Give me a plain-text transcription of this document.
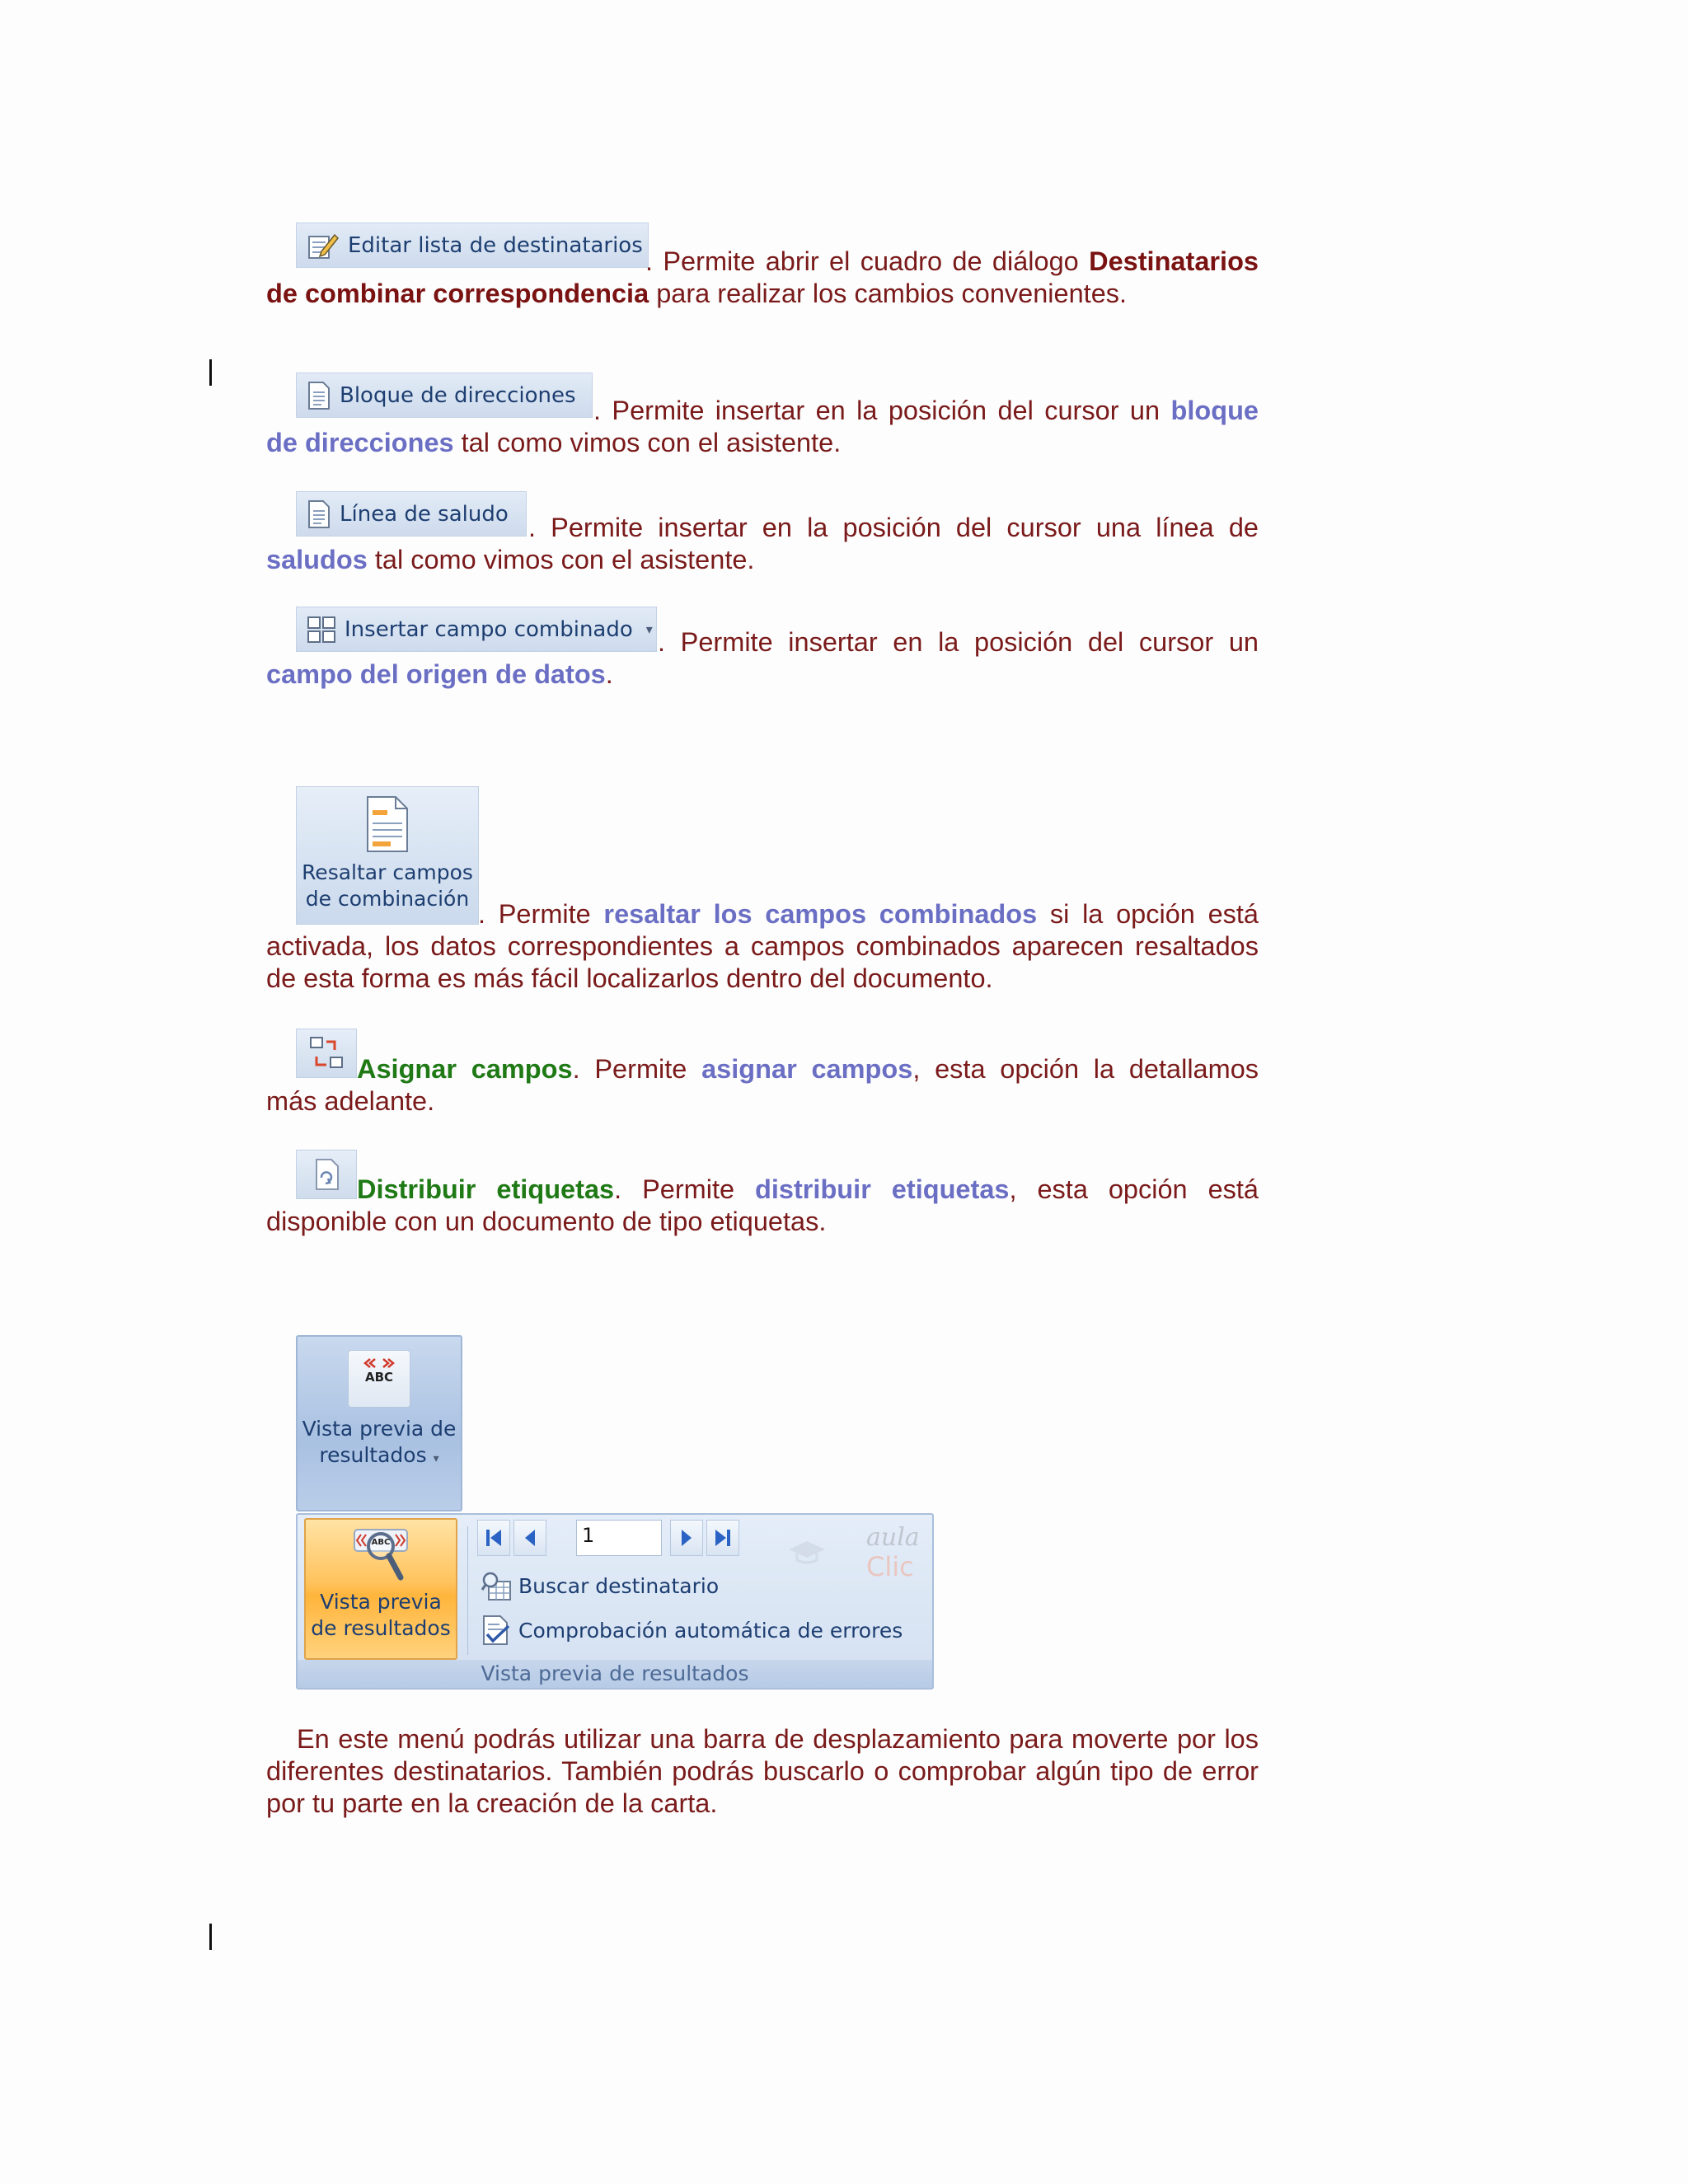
Editar lista de destinatarios

. Permite abrir el cuadro de diálogo Destinatarios de combinar correspondencia para realizar los cambios convenientes.

Bloque de direcciones

. Permite insertar en la posición del cursor un bloque de direcciones tal como vimos con el asistente.

Línea de saludo . Permite insertar en la posición del cursor una línea de saludos tal como vimos con el asistente.

Insertar campo combinado ▾ . Permite insertar en la posición del cursor un campo del origen de datos.

Resaltar campos
de combinación

. Permite resaltar los campos combinados si la opción está activada, los datos correspondientes a campos combinados aparecen resaltados de esta forma es más fácil localizarlos dentro del documento.

Asignar campos. Permite asignar campos, esta opción la detallamos más adelante.

Distribuir etiquetas. Permite distribuir etiquetas, esta opción está disponible con un documento de tipo etiquetas.

ABC
Vista previa de
resultados ▾
ABC
Vista previa
de resultados
1	aula
Clic
Buscar destinatario
Comprobación automática de errores
Vista previa de resultados

En este menú podrás utilizar una barra de desplazamiento para moverte por los diferentes destinatarios. También podrás buscarlo o comprobar algún tipo de error por tu parte en la creación de la carta.
